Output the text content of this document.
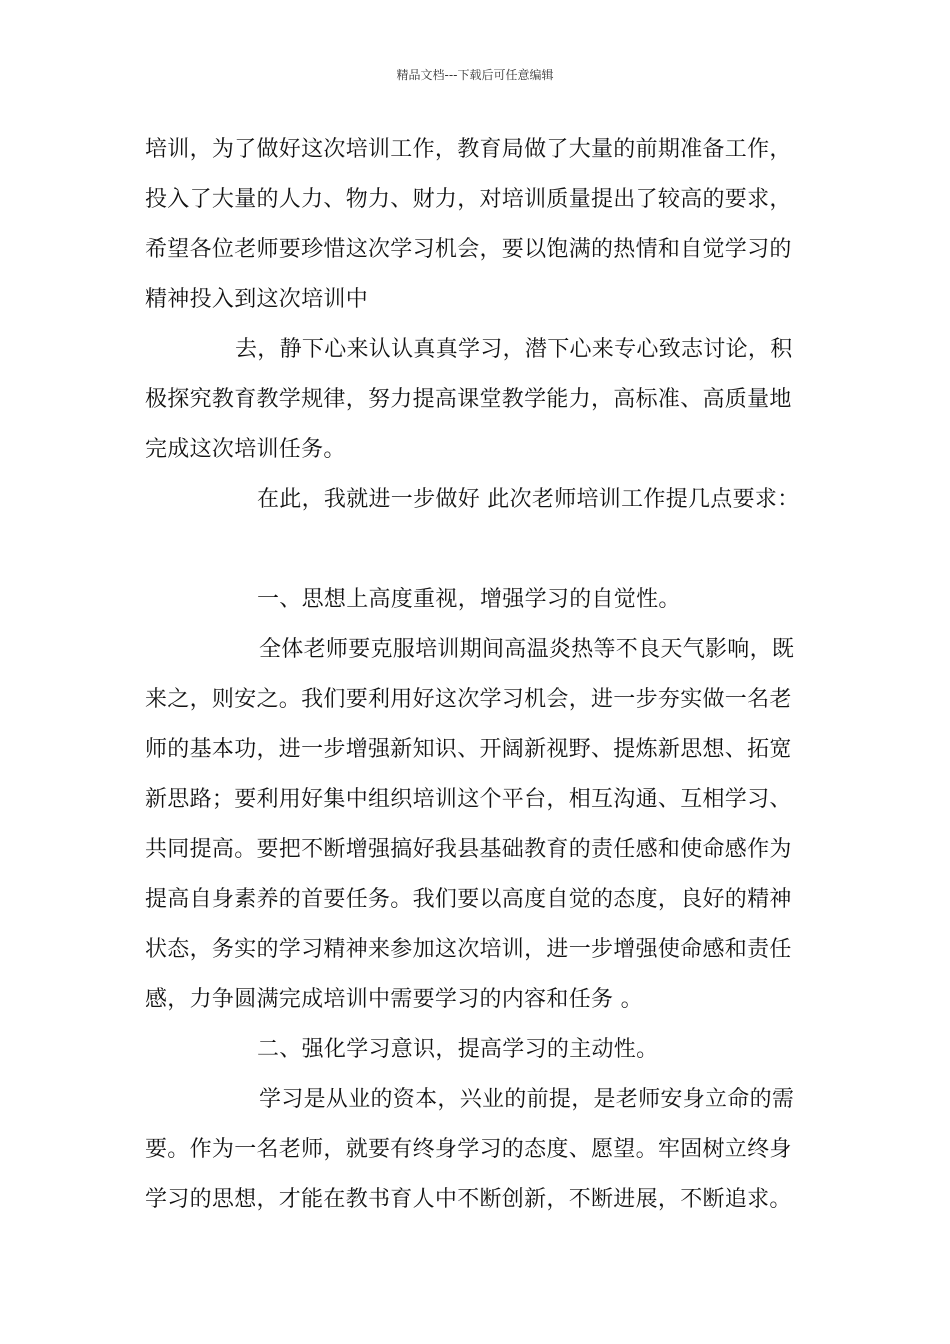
精品文档---下载后可任意编辑
培训，为了做好这次培训工作，教育局做了大量的前期准备工作，
投入了大量的人力、物力、财力，对培训质量提出了较高的要求，
希望各位老师要珍惜这次学习机会，要以饱满的热情和自觉学习的
精神投入到这次培训中
去，静下心来认认真真学习，潜下心来专心致志讨论，积
极探究教育教学规律，努力提高课堂教学能力，高标准、高质量地
完成这次培训任务。
在此，我就进一步做好 此次老师培训工作提几点要求：
一、思想上高度重视，增强学习的自觉性。
全体老师要克服培训期间高温炎热等不良天气影响，既
来之，则安之。我们要利用好这次学习机会，进一步夯实做一名老
师的基本功，进一步增强新知识、开阔新视野、提炼新思想、拓宽
新思路；要利用好集中组织培训这个平台，相互沟通、互相学习、
共同提高。要把不断增强搞好我县基础教育的责任感和使命感作为
提高自身素养的首要任务。我们要以高度自觉的态度，良好的精神
状态，务实的学习精神来参加这次培训，进一步增强使命感和责任
感，力争圆满完成培训中需要学习的内容和任务 。
二、强化学习意识，提高学习的主动性。
学习是从业的资本，兴业的前提，是老师安身立命的需
要。作为一名老师，就要有终身学习的态度、愿望。牢固树立终身
学习的思想，才能在教书育人中不断创新，不断进展，不断追求。
